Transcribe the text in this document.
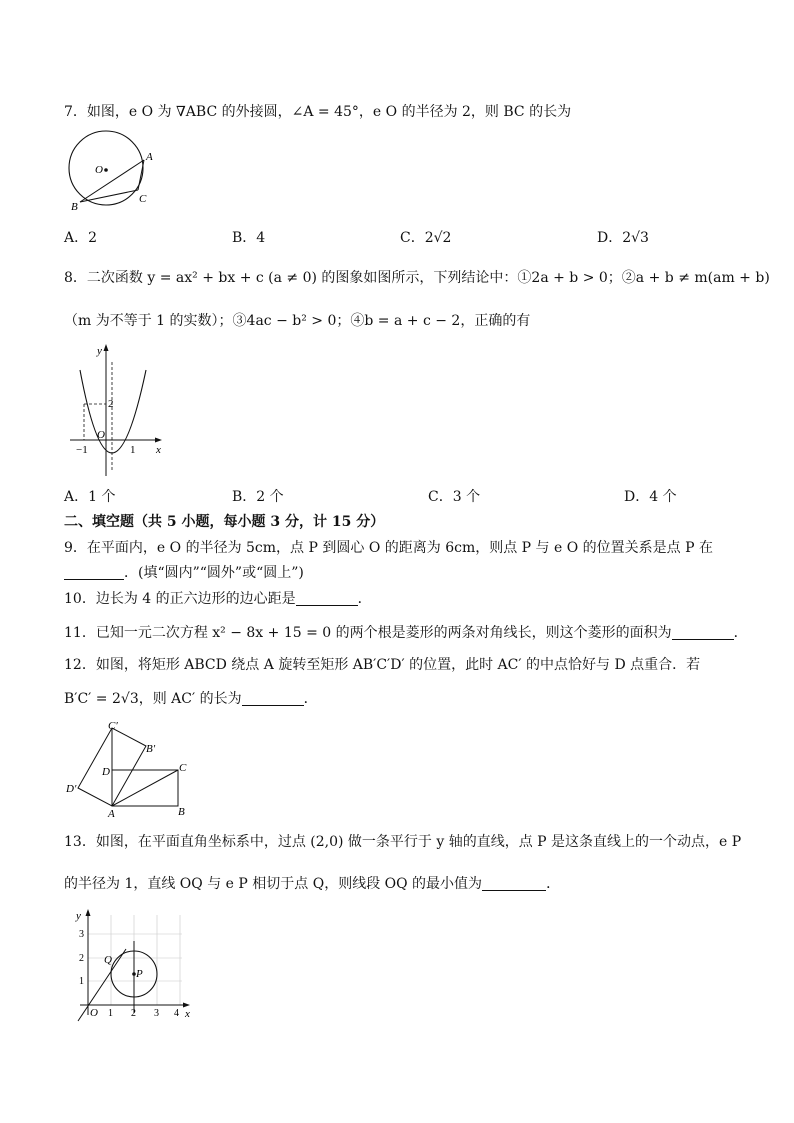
7．如图，e O 为 ∇ABC 的外接圆，∠A = 45°，e O 的半径为 2，则 BC 的长为
O
A
B
C
A．2	B．4	C．2√2	D．2√3
8．二次函数 y = ax² + bx + c (a ≠ 0) 的图象如图所示，下列结论中：①2a + b > 0；②a + b ≠ m(am + b)
（m 为不等于 1 的实数）；③4ac − b² > 0；④b = a + c − 2，正确的有
y
2
O
−1	1 x
A．1 个	B．2 个	C．3 个	D．4 个
二、填空题（共 5 小题，每小题 3 分，计 15 分）
9．在平面内，e O 的半径为 5cm，点 P 到圆心 O 的距离为 6cm，则点 P 与 e O 的位置关系是点 P 在
．(填“圆内”“圆外”或“圆上”)
10．边长为 4 的正六边形的边心距是	．
11．已知一元二次方程 x² − 8x + 15 = 0 的两个根是菱形的两条对角线长，则这个菱形的面积为	．
12．如图，将矩形 ABCD 绕点 A 旋转至矩形 AB′C′D′ 的位置，此时 AC′ 的中点恰好与 D 点重合．若
B′C′ = 2√3，则 AC′ 的长为	．
C′
B′
D	C
D′
A	B
13．如图，在平面直角坐标系中，过点 (2,0) 做一条平行于 y 轴的直线，点 P 是这条直线上的一个动点，e P
的半径为 1，直线 OQ 与 e P 相切于点 Q，则线段 OQ 的最小值为	．
y
3
2
1
Q
P
O 1 2 3 4 x
